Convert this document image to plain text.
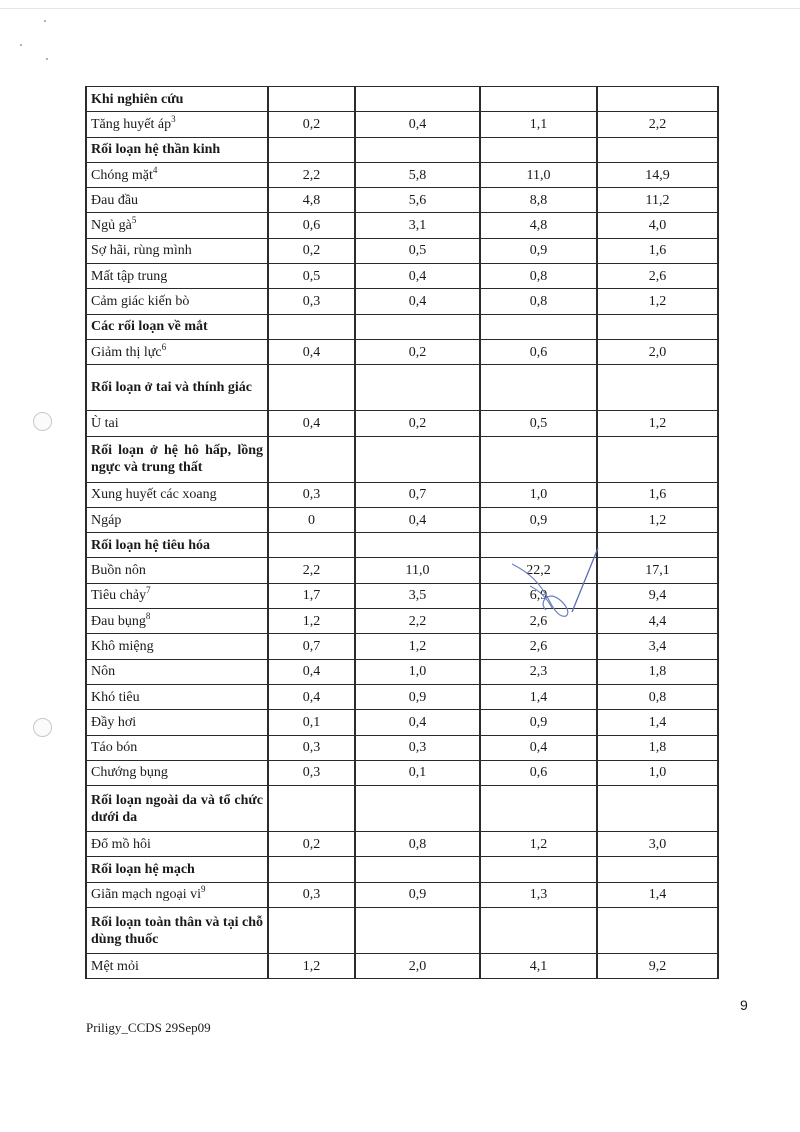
Khi nghiên cứu				
Tăng huyết $áp^3$	0,2	0,4	1,1	2,2
Rối loạn hệ thần kinh				
Chóng mặt$^4$	2,2	5,8	11,0	14,9
Đau đầu	4,8	5,6	8,8	11,2
Ngủ $gà^5$	0,6	3,1	4,8	4,0
Sợ hãi, rùng mình	0,2	0,5	0,9	1,6
Mất tập trung	0,5	0,4	0,8	2,6
Cảm giác kiến bò	0,3	0,4	0,8	1,2
Các rối loạn về mắt				
Giảm thị lực$^6$	0,4	0,2	0,6	2,0
Rối loạn ở tai và thính giác				
Ù tai	0,4	0,2	0,5	1,2
Rối loạn ở hệ hô hấp, lồng ngực và trung thất				
Xung huyết các xoang	0,3	0,7	1,0	1,6
Ngáp	0	0,4	0,9	1,2
Rối loạn hệ tiêu hóa				
Buồn nôn	2,2	11,0	22,2	17,1
Tiêu chảy$^7$	1,7	3,5	6,9	9,4
Đau bụng$^8$	1,2	2,2	2,6	4,4
Khô miệng	0,7	1,2	2,6	3,4
Nôn	0,4	1,0	2,3	1,8
Khó tiêu	0,4	0,9	1,4	0,8
Đầy hơi	0,1	0,4	0,9	1,4
Táo bón	0,3	0,3	0,4	1,8
Chướng bụng	0,3	0,1	0,6	1,0
Rối loạn ngoài da và tổ chức dưới da				
Đổ mồ hôi	0,2	0,8	1,2	3,0
Rối loạn hệ mạch				
Giãn mạch ngoại $vi^9$	0,3	0,9	1,3	1,4
Rối loạn toàn thân và tại chỗ dùng thuốc				
Mệt mỏi	1,2	2,0	4,1	9,2
9
Priligy_CCDS 29Sep09
